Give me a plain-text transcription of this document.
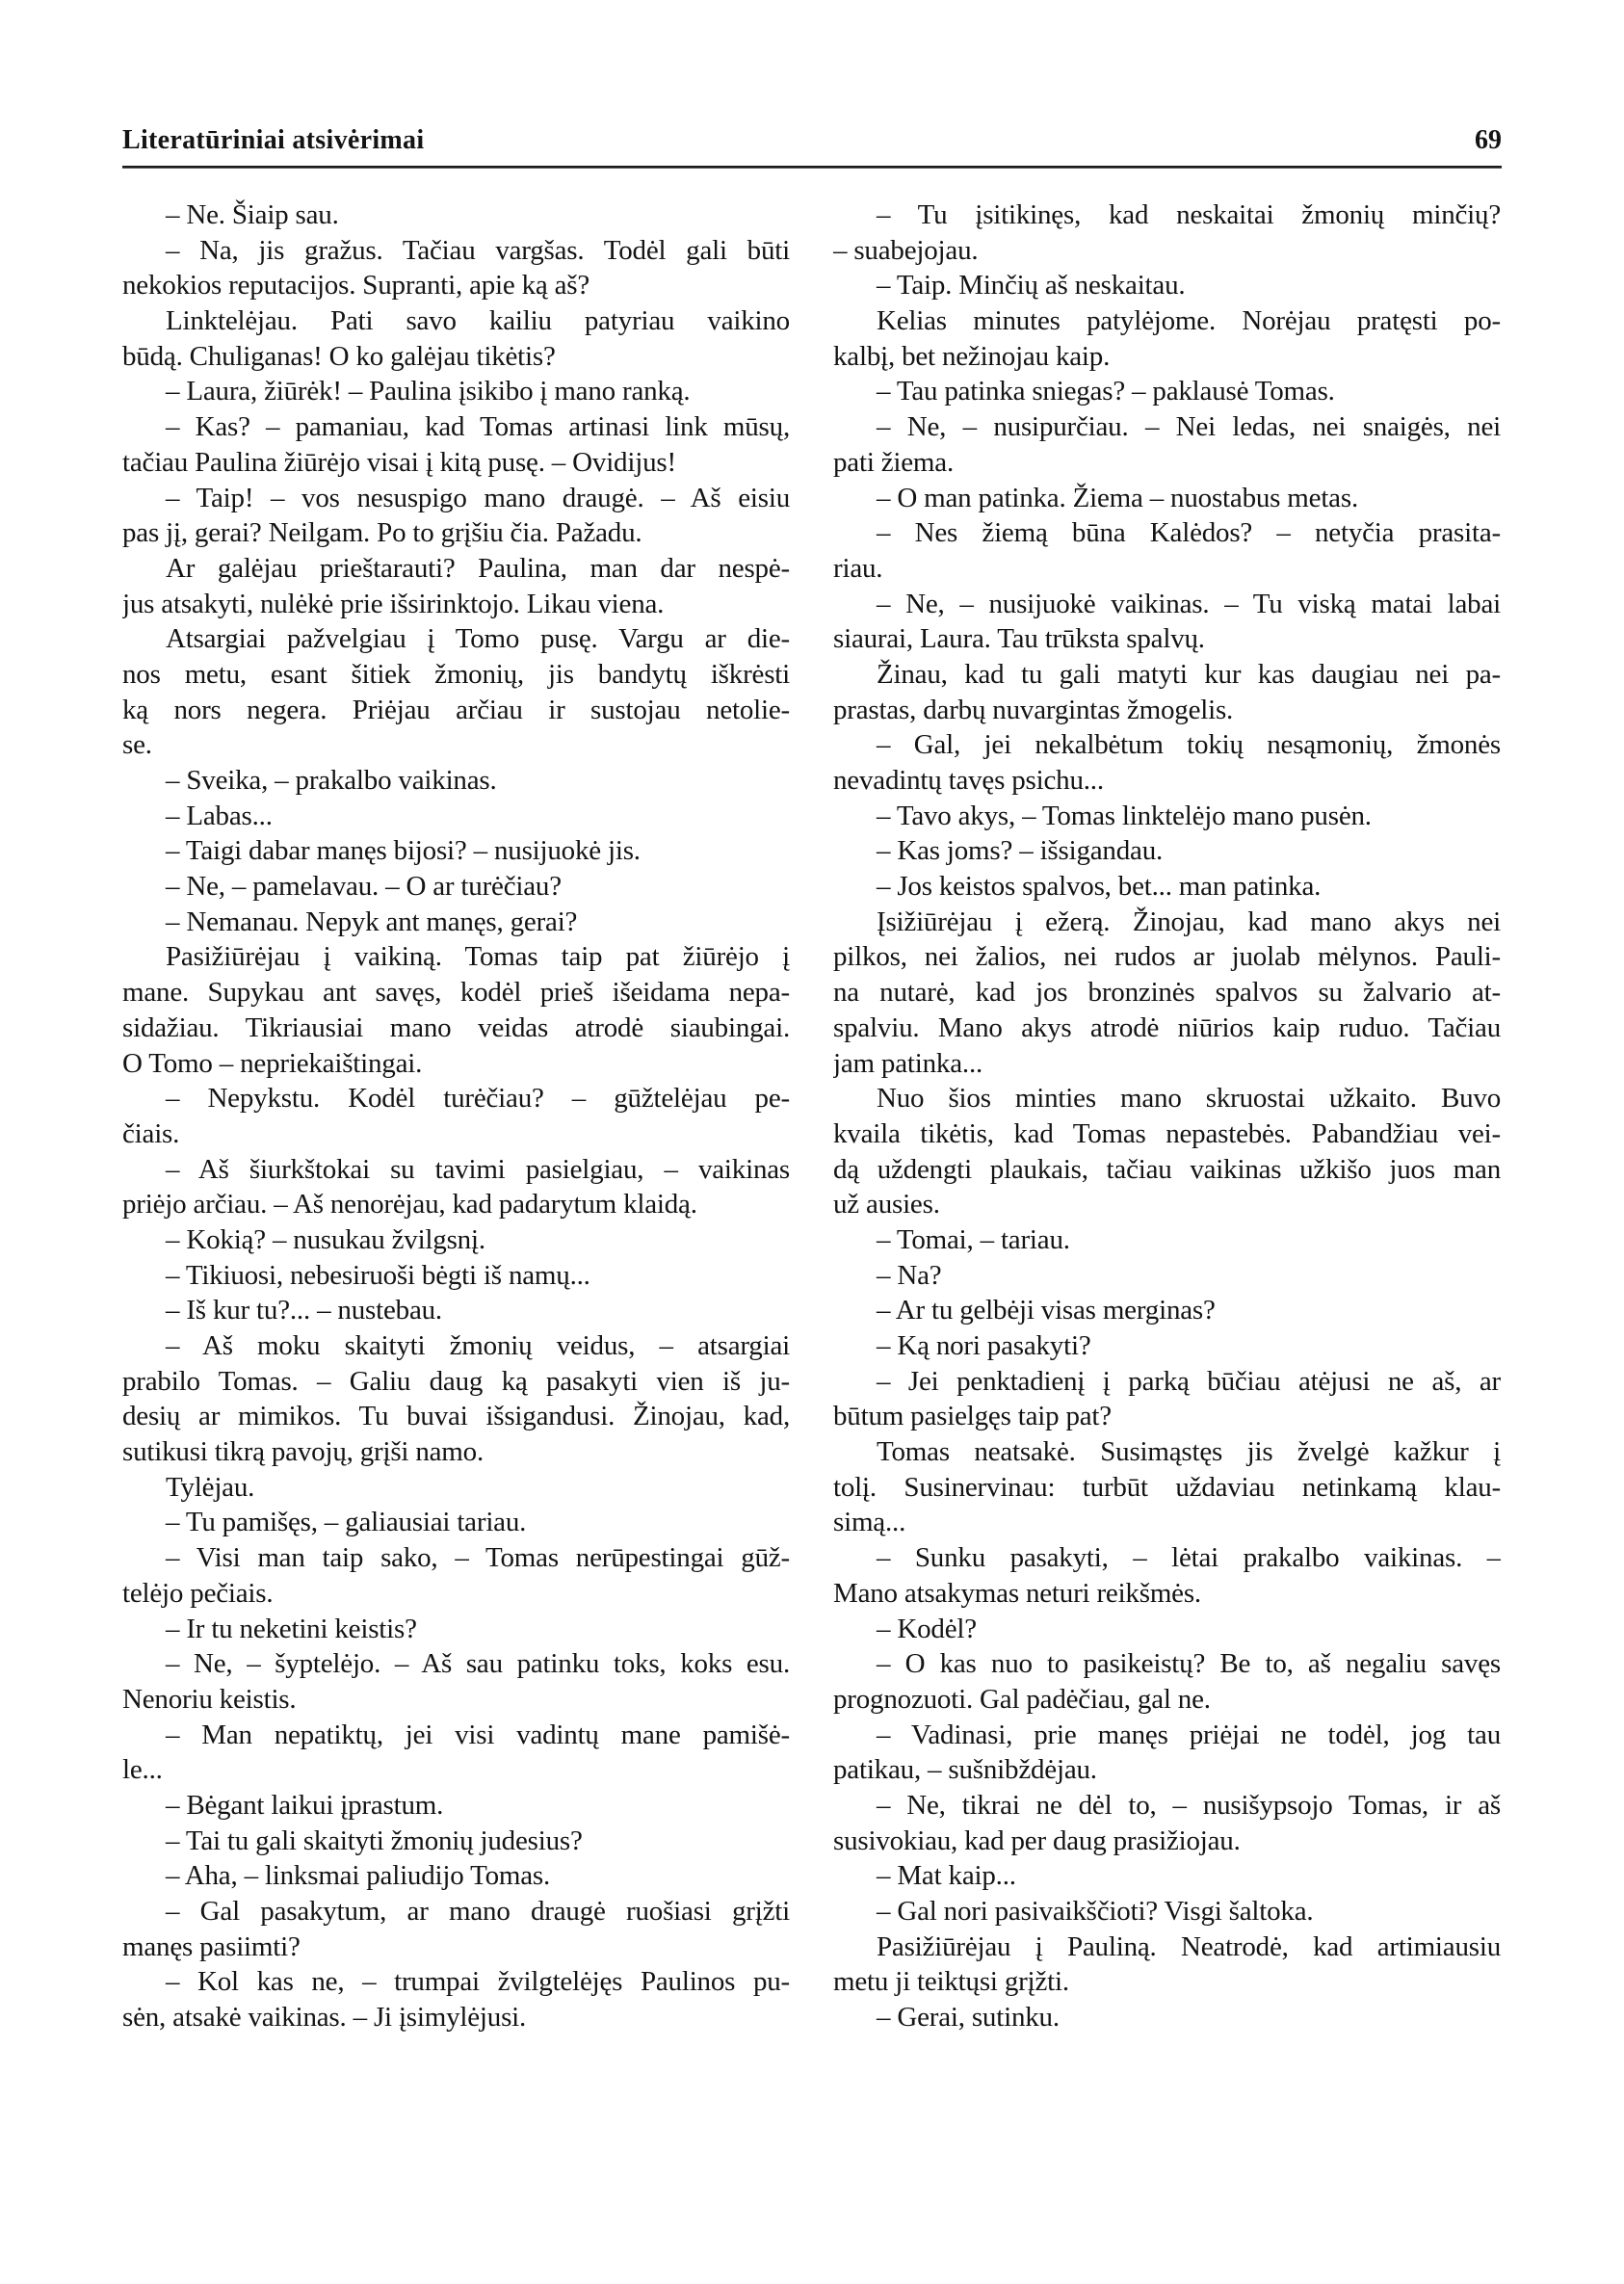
Literatūriniai atsivėrimai	69
– Ne. Šiaip sau.
– Na, jis gražus. Tačiau vargšas. Todėl gali būti
nekokios reputacijos. Supranti, apie ką aš?
Linktelėjau. Pati savo kailiu patyriau vaikino
būdą. Chuliganas! O ko galėjau tikėtis?
– Laura, žiūrėk! – Paulina įsikibo į mano ranką.
– Kas? – pamaniau, kad Tomas artinasi link mūsų,
tačiau Paulina žiūrėjo visai į kitą pusę. – Ovidijus!
– Taip! – vos nesuspigo mano draugė. – Aš eisiu
pas jį, gerai? Neilgam. Po to grįšiu čia. Pažadu.
Ar galėjau prieštarauti? Paulina, man dar nespė-
jus atsakyti, nulėkė prie išsirinktojo. Likau viena.
Atsargiai pažvelgiau į Tomo pusę. Vargu ar die-
nos metu, esant šitiek žmonių, jis bandytų iškrėsti
ką nors negera. Priėjau arčiau ir sustojau netolie-
se.
– Sveika, – prakalbo vaikinas.
– Labas...
– Taigi dabar manęs bijosi? – nusijuokė jis.
– Ne, – pamelavau. – O ar turėčiau?
– Nemanau. Nepyk ant manęs, gerai?
Pasižiūrėjau į vaikiną. Tomas taip pat žiūrėjo į
mane. Supykau ant savęs, kodėl prieš išeidama nepa-
sidažiau. Tikriausiai mano veidas atrodė siaubingai.
O Tomo – nepriekaištingai.
– Nepykstu. Kodėl turėčiau? – gūžtelėjau pe-
čiais.
– Aš šiurkštokai su tavimi pasielgiau, – vaikinas
priėjo arčiau. – Aš nenorėjau, kad padarytum klaidą.
– Kokią? – nusukau žvilgsnį.
– Tikiuosi, nebesiruoši bėgti iš namų...
– Iš kur tu?... – nustebau.
– Aš moku skaityti žmonių veidus, – atsargiai
prabilo Tomas. – Galiu daug ką pasakyti vien iš ju-
desių ar mimikos. Tu buvai išsigandusi. Žinojau, kad,
sutikusi tikrą pavojų, grįši namo.
Tylėjau.
– Tu pamišęs, – galiausiai tariau.
– Visi man taip sako, – Tomas nerūpestingai gūž-
telėjo pečiais.
– Ir tu neketini keistis?
– Ne, – šyptelėjo. – Aš sau patinku toks, koks esu.
Nenoriu keistis.
– Man nepatiktų, jei visi vadintų mane pamišė-
le...
– Bėgant laikui įprastum.
– Tai tu gali skaityti žmonių judesius?
– Aha, – linksmai paliudijo Tomas.
– Gal pasakytum, ar mano draugė ruošiasi grįžti
manęs pasiimti?
– Kol kas ne, – trumpai žvilgtelėjęs Paulinos pu-
sėn, atsakė vaikinas. – Ji įsimylėjusi.
– Tu įsitikinęs, kad neskaitai žmonių minčių?
– suabejojau.
– Taip. Minčių aš neskaitau.
Kelias minutes patylėjome. Norėjau pratęsti po-
kalbį, bet nežinojau kaip.
– Tau patinka sniegas? – paklausė Tomas.
– Ne, – nusipurčiau. – Nei ledas, nei snaigės, nei
pati žiema.
– O man patinka. Žiema – nuostabus metas.
– Nes žiemą būna Kalėdos? – netyčia prasita-
riau.
– Ne, – nusijuokė vaikinas. – Tu viską matai labai
siaurai, Laura. Tau trūksta spalvų.
Žinau, kad tu gali matyti kur kas daugiau nei pa-
prastas, darbų nuvargintas žmogelis.
– Gal, jei nekalbėtum tokių nesąmonių, žmonės
nevadintų tavęs psichu...
– Tavo akys, – Tomas linktelėjo mano pusėn.
– Kas joms? – išsigandau.
– Jos keistos spalvos, bet... man patinka.
Įsižiūrėjau į ežerą. Žinojau, kad mano akys nei
pilkos, nei žalios, nei rudos ar juolab mėlynos. Pauli-
na nutarė, kad jos bronzinės spalvos su žalvario at-
spalviu. Mano akys atrodė niūrios kaip ruduo. Tačiau
jam patinka...
Nuo šios minties mano skruostai užkaito. Buvo
kvaila tikėtis, kad Tomas nepastebės. Pabandžiau vei-
dą uždengti plaukais, tačiau vaikinas užkišo juos man
už ausies.
– Tomai, – tariau.
– Na?
– Ar tu gelbėji visas merginas?
– Ką nori pasakyti?
– Jei penktadienį į parką būčiau atėjusi ne aš, ar
būtum pasielgęs taip pat?
Tomas neatsakė. Susimąstęs jis žvelgė kažkur į
tolį. Susinervinau: turbūt uždaviau netinkamą klau-
simą...
– Sunku pasakyti, – lėtai prakalbo vaikinas. –
Mano atsakymas neturi reikšmės.
– Kodėl?
– O kas nuo to pasikeistų? Be to, aš negaliu savęs
prognozuoti. Gal padėčiau, gal ne.
– Vadinasi, prie manęs priėjai ne todėl, jog tau
patikau, – sušnibždėjau.
– Ne, tikrai ne dėl to, – nusišypsojo Tomas, ir aš
susivokiau, kad per daug prasižiojau.
– Mat kaip...
– Gal nori pasivaikščioti? Visgi šaltoka.
Pasižiūrėjau į Pauliną. Neatrodė, kad artimiausiu
metu ji teiktųsi grįžti.
– Gerai, sutinku.
